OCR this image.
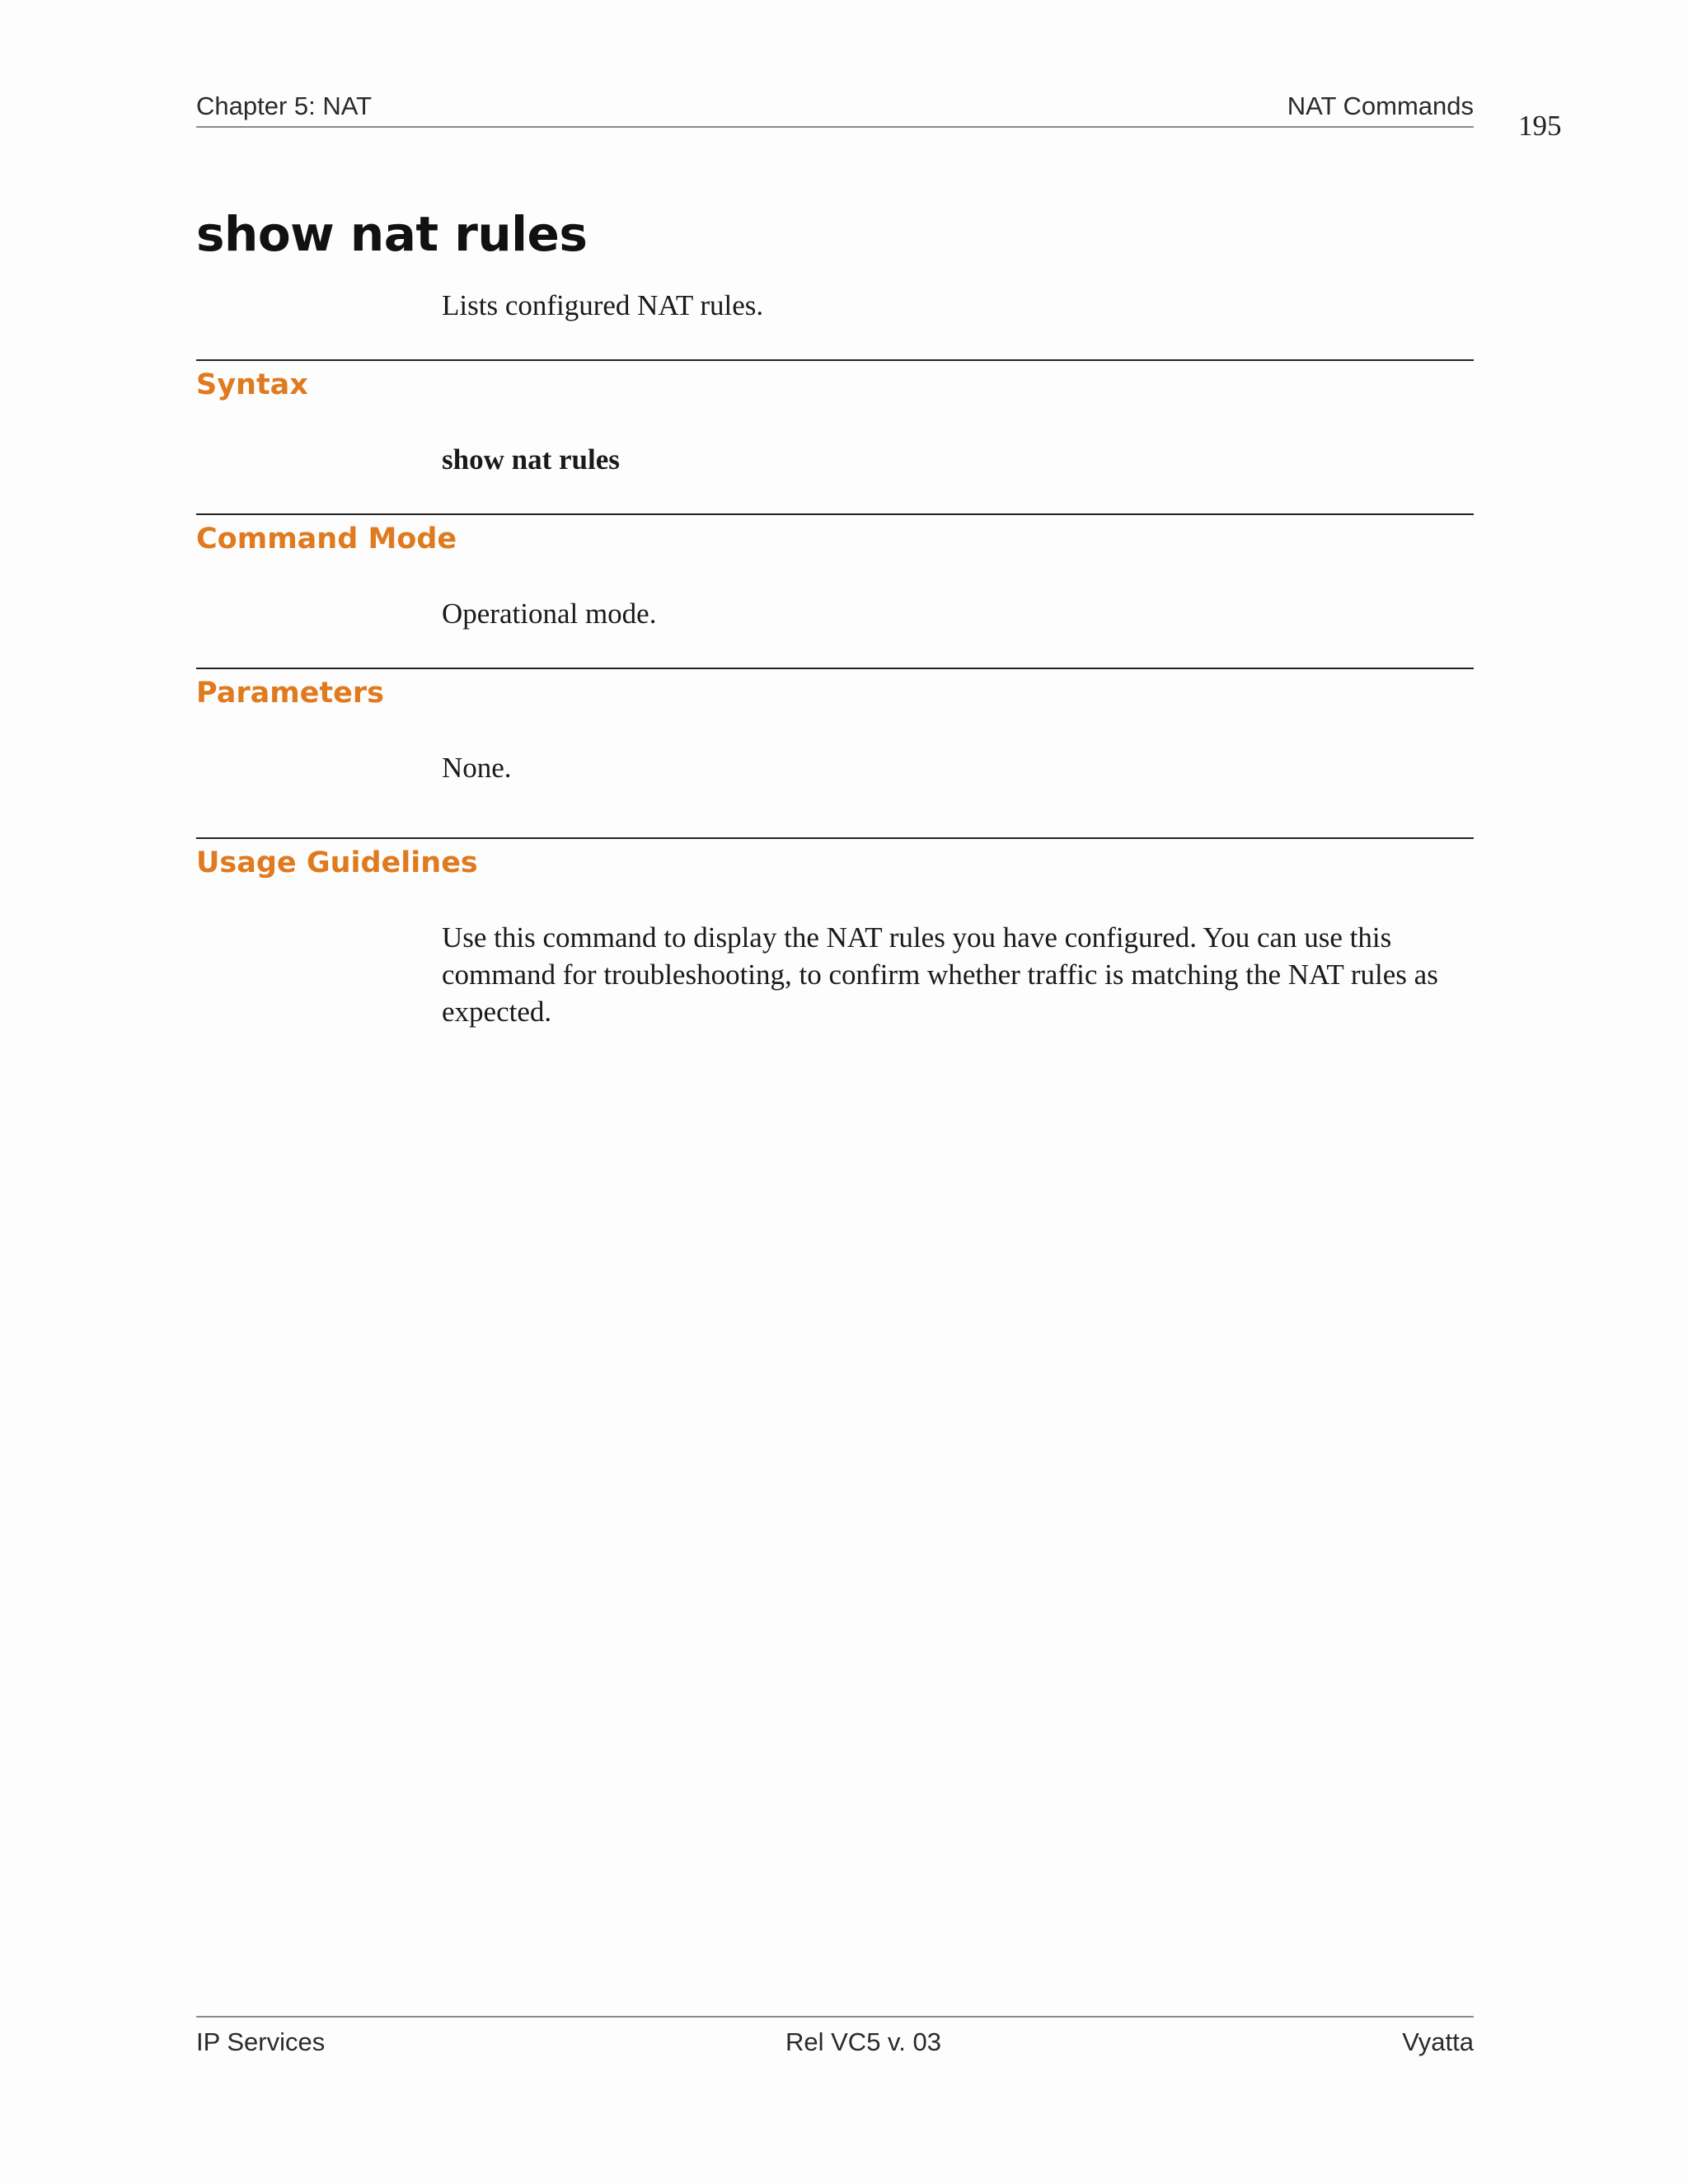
Chapter 5: NAT	NAT Commands
195
show nat rules
Lists configured NAT rules.
Syntax
show nat rules
Command Mode
Operational mode.
Parameters
None.
Usage Guidelines
Use this command to display the NAT rules you have configured. You can use this
command for troubleshooting, to confirm whether traffic is matching the NAT rules as
expected.
IP Services	Rel VC5 v. 03	Vyatta
